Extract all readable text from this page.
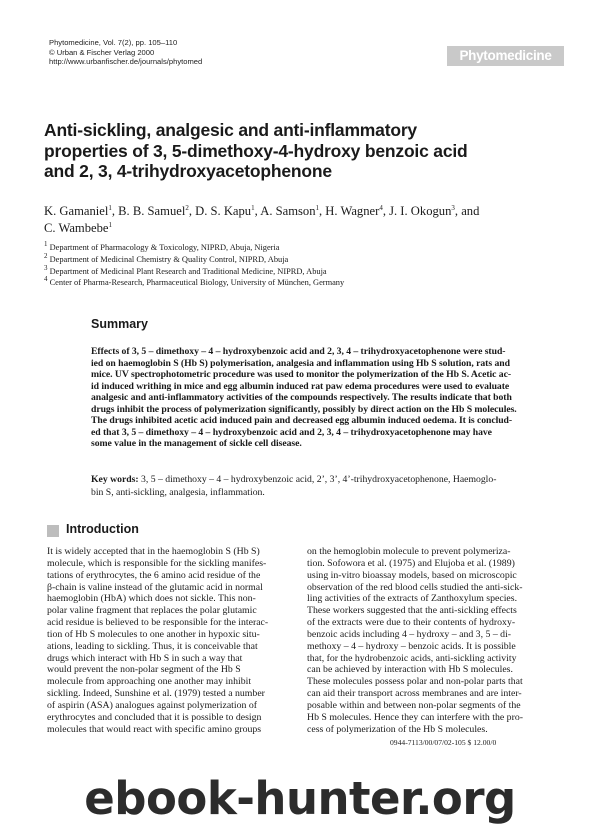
Phytomedicine, Vol. 7(2), pp. 105–110
© Urban & Fischer Verlag 2000
http://www.urbanfischer.de/journals/phytomed	Phytomedicine
Anti-sickling, analgesic and anti-inflammatory
properties of 3, 5-dimethoxy-4-hydroxy benzoic acid
and 2, 3, 4-trihydroxyacetophenone
K. Gamaniel$^1$, B. B. Samuel$^2$, D. S. Kapu$^1$, A. Samson$^1$, H. Wagner$^4$, J. I. Okogun$^3$, and
C. Wambebe$^1$
$^1$ Department of Pharmacology & Toxicology, NIPRD, Abuja, Nigeria
$^2$ Department of Medicinal Chemistry & Quality Control, NIPRD, Abuja
$^3$ Department of Medicinal Plant Research and Traditional Medicine, NIPRD, Abuja
$^4$ Center of Pharma-Research, Pharmaceutical Biology, University of München, Germany
Summary
Effects of 3, 5 – dimethoxy – 4 – hydroxybenzoic acid and 2, 3, 4 – trihydroxyacetophenone were stud-
ied on haemoglobin S (Hb S) polymerisation, analgesia and inflammation using Hb S solution, rats and
mice. UV spectrophotometric procedure was used to monitor the polymerization of the Hb S. Acetic ac-
id induced writhing in mice and egg albumin induced rat paw edema procedures were used to evaluate
analgesic and anti-inflammatory activities of the compounds respectively. The results indicate that both
drugs inhibit the process of polymerization significantly, possibly by direct action on the Hb S molecules.
The drugs inhibited acetic acid induced pain and decreased egg albumin induced oedema. It is conclud-
ed that 3, 5 – dimethoxy – 4 – hydroxybenzoic acid and 2, 3, 4 – trihydroxyacetophenone may have
some value in the management of sickle cell disease.
Key words: 3, 5 – dimethoxy – 4 – hydroxybenzoic acid, 2’, 3’, 4’-trihydroxyacetophenone, Haemoglo-
bin S, anti-sickling, analgesia, inflammation.
Introduction
It is widely accepted that in the haemoglobin S (Hb S)
molecule, which is responsible for the sickling manifes-
tations of erythrocytes, the 6 amino acid residue of the
β-chain is valine instead of the glutamic acid in normal
haemoglobin (HbA) which does not sickle. This non-
polar valine fragment that replaces the polar glutamic
acid residue is believed to be responsible for the interac-
tion of Hb S molecules to one another in hypoxic situ-
ations, leading to sickling. Thus, it is conceivable that
drugs which interact with Hb S in such a way that
would prevent the non-polar segment of the Hb S
molecule from approaching one another may inhibit
sickling. Indeed, Sunshine et al. (1979) tested a number
of aspirin (ASA) analogues against polymerization of
erythrocytes and concluded that it is possible to design
molecules that would react with specific amino groups
on the hemoglobin molecule to prevent polymeriza-
tion. Sofowora et al. (1975) and Elujoba et al. (1989)
using in-vitro bioassay models, based on microscopic
observation of the red blood cells studied the anti-sick-
ling activities of the extracts of Zanthoxylum species.
These workers suggested that the anti-sickling effects
of the extracts were due to their contents of hydroxy-
benzoic acids including 4 – hydroxy – and 3, 5 – di-
methoxy – 4 – hydroxy – benzoic acids. It is possible
that, for the hydrobenzoic acids, anti-sickling activity
can be achieved by interaction with Hb S molecules.
These molecules possess polar and non-polar parts that
can aid their transport across membranes and are inter-
posable within and between non-polar segments of the
Hb S molecules. Hence they can interfere with the pro-
cess of polymerization of the Hb S molecules.
0944-7113/00/07/02-105 $ 12.00/0
ebook-hunter.org
